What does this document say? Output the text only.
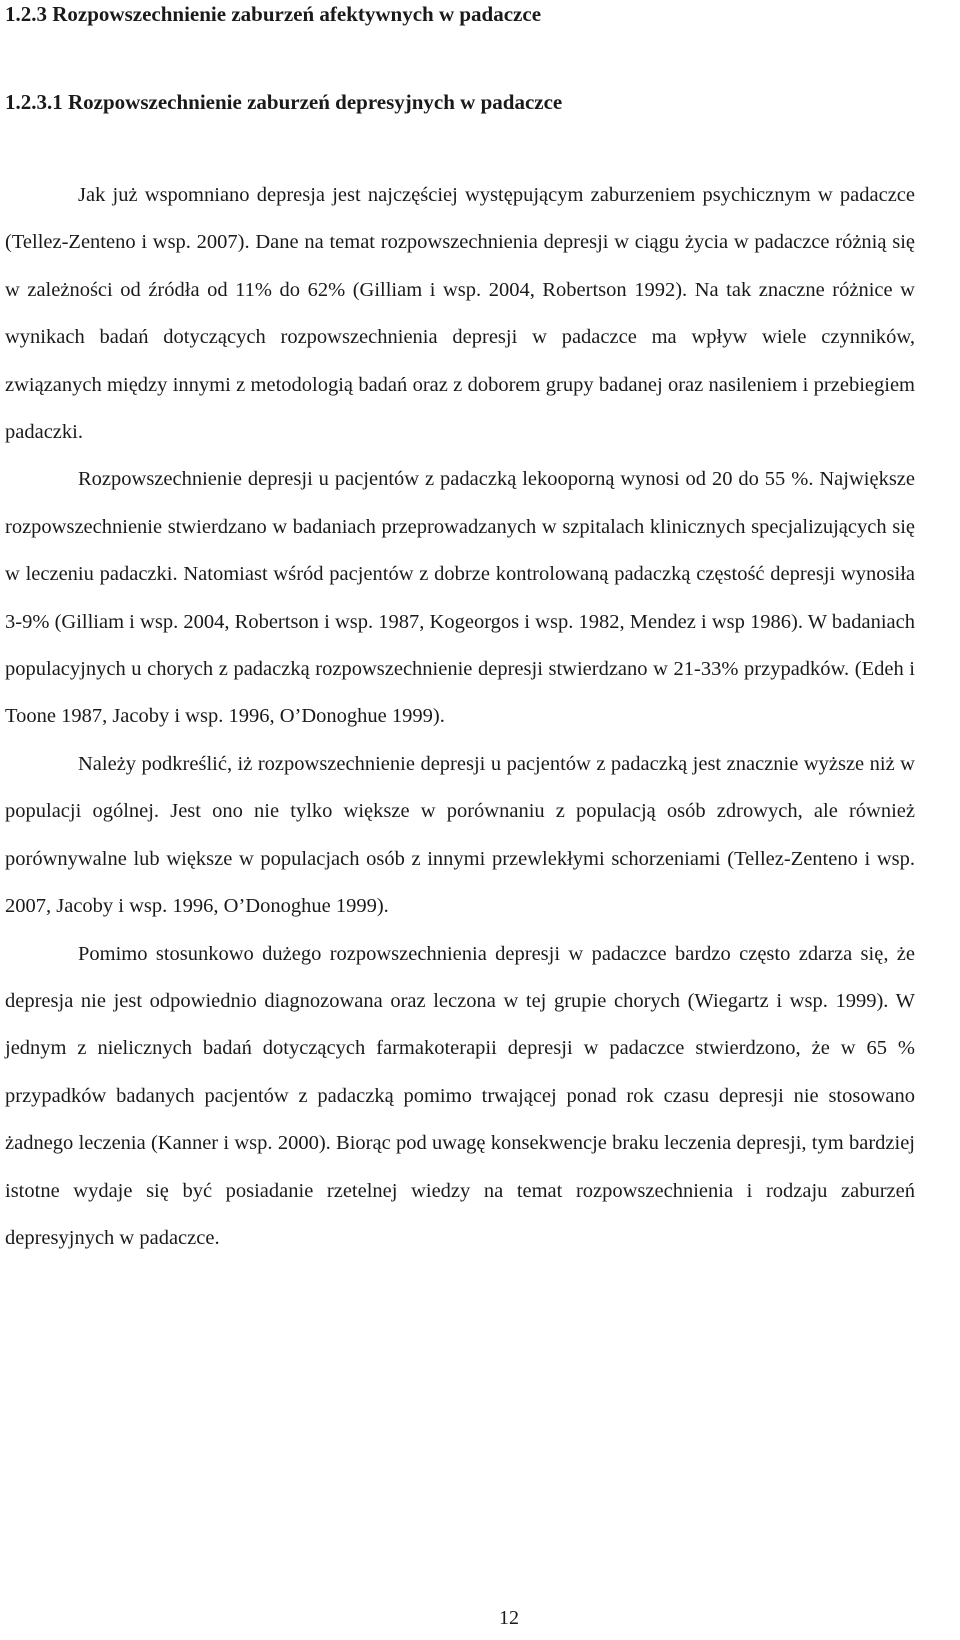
1.2.3 Rozpowszechnienie zaburzeń afektywnych w padaczce
1.2.3.1 Rozpowszechnienie zaburzeń depresyjnych w padaczce

Jak już wspomniano depresja jest najczęściej występującym zaburzeniem psychicznym w padaczce (Tellez-Zenteno i wsp. 2007). Dane na temat rozpowszechnienia depresji w ciągu życia w padaczce różnią się w zależności od źródła od 11% do 62% (Gilliam i wsp. 2004, Robertson 1992). Na tak znaczne różnice w wynikach badań dotyczących rozpowszechnienia depresji w padaczce ma wpływ wiele czynników, związanych między innymi z metodologią badań oraz z doborem grupy badanej oraz nasileniem i przebiegiem padaczki.

Rozpowszechnienie depresji u pacjentów z padaczką lekooporną wynosi od 20 do 55 %. Największe rozpowszechnienie stwierdzano w badaniach przeprowadzanych w szpitalach klinicznych specjalizujących się w leczeniu padaczki. Natomiast wśród pacjentów z dobrze kontrolowaną padaczką częstość depresji wynosiła 3-9% (Gilliam i wsp. 2004, Robertson i wsp. 1987, Kogeorgos i wsp. 1982, Mendez i wsp 1986). W badaniach populacyjnych u chorych z padaczką rozpowszechnienie depresji stwierdzano w 21-33% przypadków. (Edeh i Toone 1987, Jacoby i wsp. 1996, O’Donoghue 1999).

Należy podkreślić, iż rozpowszechnienie depresji u pacjentów z padaczką jest znacznie wyższe niż w populacji ogólnej. Jest ono nie tylko większe w porównaniu z populacją osób zdrowych, ale również porównywalne lub większe w populacjach osób z innymi przewlekłymi schorzeniami (Tellez-Zenteno i wsp. 2007, Jacoby i wsp. 1996, O’Donoghue 1999).

Pomimo stosunkowo dużego rozpowszechnienia depresji w padaczce bardzo często zdarza się, że depresja nie jest odpowiednio diagnozowana oraz leczona w tej grupie chorych (Wiegartz i wsp. 1999). W jednym z nielicznych badań dotyczących farmakoterapii depresji w padaczce stwierdzono, że w 65 % przypadków badanych pacjentów z padaczką pomimo trwającej ponad rok czasu depresji nie stosowano żadnego leczenia (Kanner i wsp. 2000). Biorąc pod uwagę konsekwencje braku leczenia depresji, tym bardziej istotne wydaje się być posiadanie rzetelnej wiedzy na temat rozpowszechnienia i rodzaju zaburzeń depresyjnych w padaczce.

12
